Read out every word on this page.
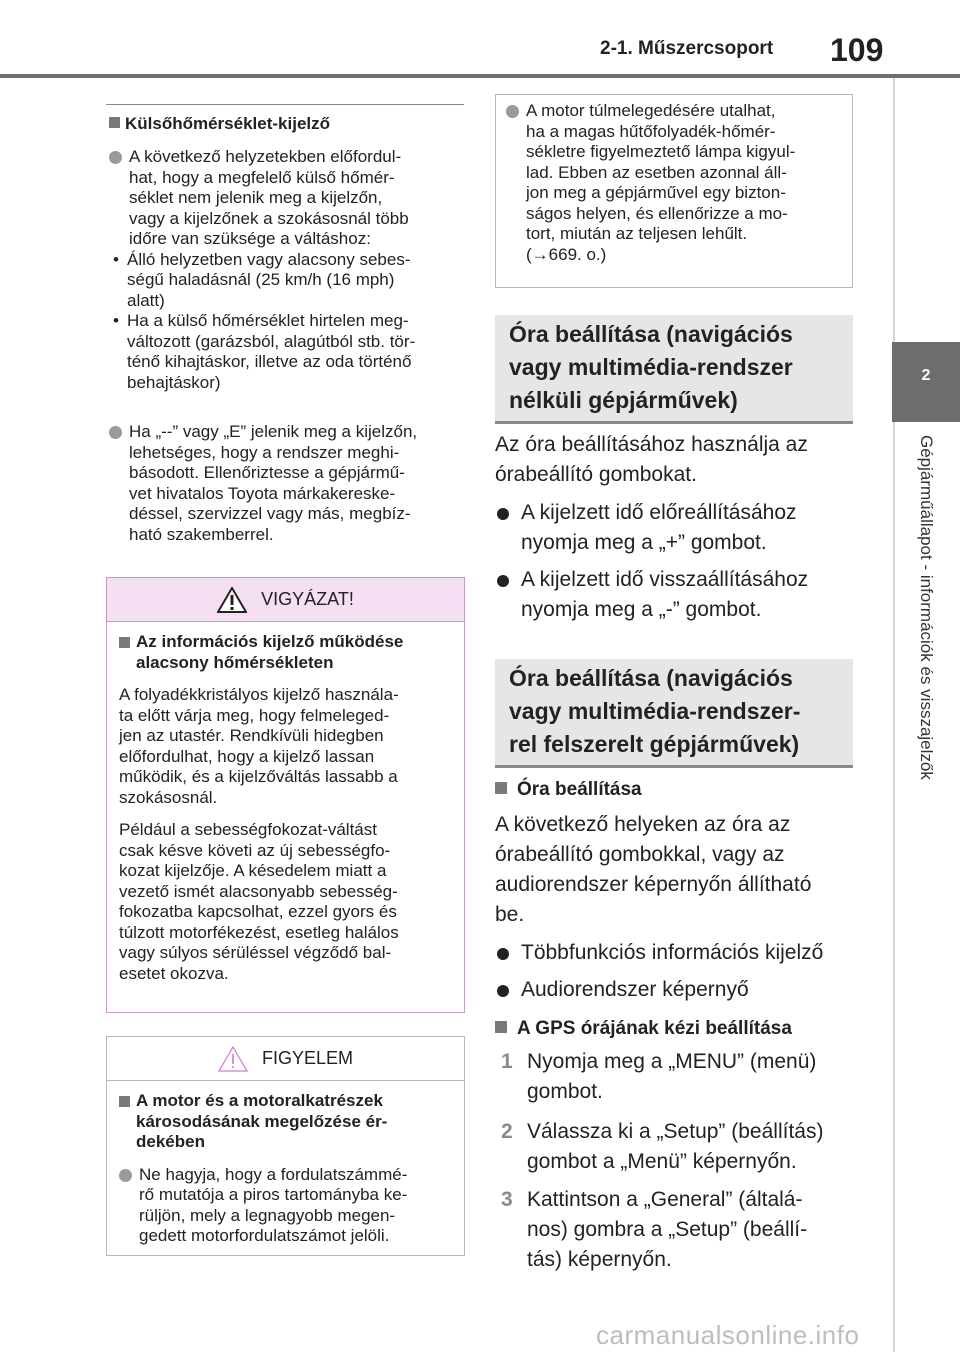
2-1. Műszercsoport 109
2
Gépjárműállapot - információk és visszajelzők
Külsőhőmérséklet-kijelző
A következő helyzetekben előfordul-
hat, hogy a megfelelő külső hőmér-
séklet nem jelenik meg a kijelzőn,
vagy a kijelzőnek a szokásosnál több
időre van szüksége a váltáshoz:
• Álló helyzetben vagy alacsony sebes-
ségű haladásnál (25 km/h (16 mph)
alatt)
• Ha a külső hőmérséklet hirtelen meg-
változott (garázsból, alagútból stb. tör-
ténő kihajtáskor, illetve az oda történő
behajtáskor)
Ha „--” vagy „E” jelenik meg a kijelzőn,
lehetséges, hogy a rendszer meghi-
básodott. Ellenőriztesse a gépjármű-
vet hivatalos Toyota márkakereske-
déssel, szervizzel vagy más, megbíz-
ható szakemberrel.
VIGYÁZAT!
Az információs kijelző működése
alacsony hőmérsékleten

A folyadékkristályos kijelző használa-
ta előtt várja meg, hogy felmeleged-
jen az utastér. Rendkívüli hidegben
előfordulhat, hogy a kijelző lassan
működik, és a kijelzőváltás lassabb a
szokásosnál.

Például a sebességfokozat-váltást
csak késve követi az új sebességfo-
kozat kijelzője. A késedelem miatt a
vezető ismét alacsonyabb sebesség-
fokozatba kapcsolhat, ezzel gyors és
túlzott motorfékezést, esetleg halálos
vagy súlyos sérüléssel végződő bal-
esetet okozva.

FIGYELEM
A motor és a motoralkatrészek
károsodásának megelőzése ér-
dekében
Ne hagyja, hogy a fordulatszámmé-
rő mutatója a piros tartományba ke-
rüljön, mely a legnagyobb megen-
gedett motorfordulatszámot jelöli.
A motor túlmelegedésére utalhat,
ha a magas hűtőfolyadék-hőmér-
sékletre figyelmeztető lámpa kigyul-
lad. Ebben az esetben azonnal áll-
jon meg a gépjárművel egy bizton-
ságos helyen, és ellenőrizze a mo-
tort, miután az teljesen lehűlt.
(→669. o.)
Óra beállítása (navigációs
vagy multimédia-rendszer
nélküli gépjárművek)
Az óra beállításához használja az
órabeállító gombokat.
A kijelzett idő előreállításához
nyomja meg a „+” gombot.
A kijelzett idő visszaállításához
nyomja meg a „-” gombot.
Óra beállítása (navigációs
vagy multimédia-rendszer-
rel felszerelt gépjárművek)
Óra beállítása
A következő helyeken az óra az
órabeállító gombokkal, vagy az
audiorendszer képernyőn állítható
be.
Többfunkciós információs kijelző
Audiorendszer képernyő
A GPS órájának kézi beállítása
1 Nyomja meg a „MENU” (menü)
gombot.
2 Válassza ki a „Setup” (beállítás)
gombot a „Menü” képernyőn.
3 Kattintson a „General” (általá-
nos) gombra a „Setup” (beállí-
tás) képernyőn.
carmanualsonline.info
